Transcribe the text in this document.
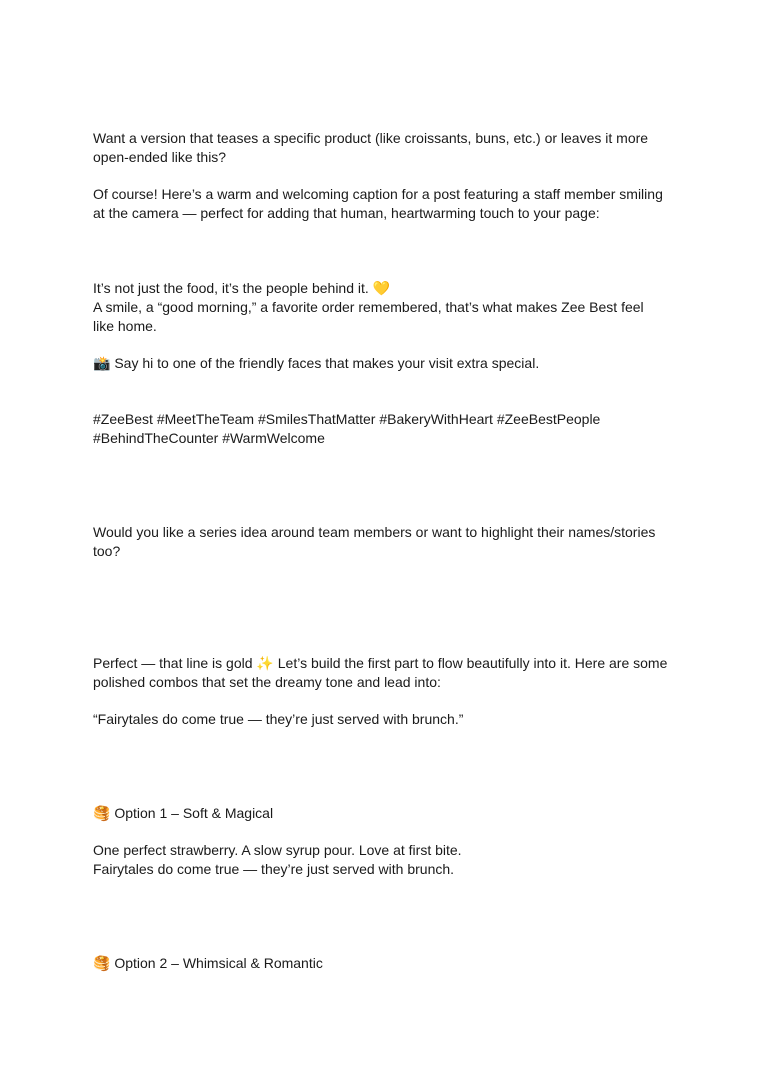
Want a version that teases a specific product (like croissants, buns, etc.) or leaves it more
open-ended like this?
Of course! Here’s a warm and welcoming caption for a post featuring a staff member smiling
at the camera — perfect for adding that human, heartwarming touch to your page:
It’s not just the food, it’s the people behind it. 💛
A smile, a “good morning,” a favorite order remembered, that’s what makes Zee Best feel
like home.
📸 Say hi to one of the friendly faces that makes your visit extra special.
#ZeeBest #MeetTheTeam #SmilesThatMatter #BakeryWithHeart #ZeeBestPeople
#BehindTheCounter #WarmWelcome
Would you like a series idea around team members or want to highlight their names/stories
too?
Perfect — that line is gold ✨ Let’s build the first part to flow beautifully into it. Here are some
polished combos that set the dreamy tone and lead into:
“Fairytales do come true — they’re just served with brunch.”
🥞 Option 1 – Soft & Magical
One perfect strawberry. A slow syrup pour. Love at first bite.
Fairytales do come true — they’re just served with brunch.
🥞 Option 2 – Whimsical & Romantic
